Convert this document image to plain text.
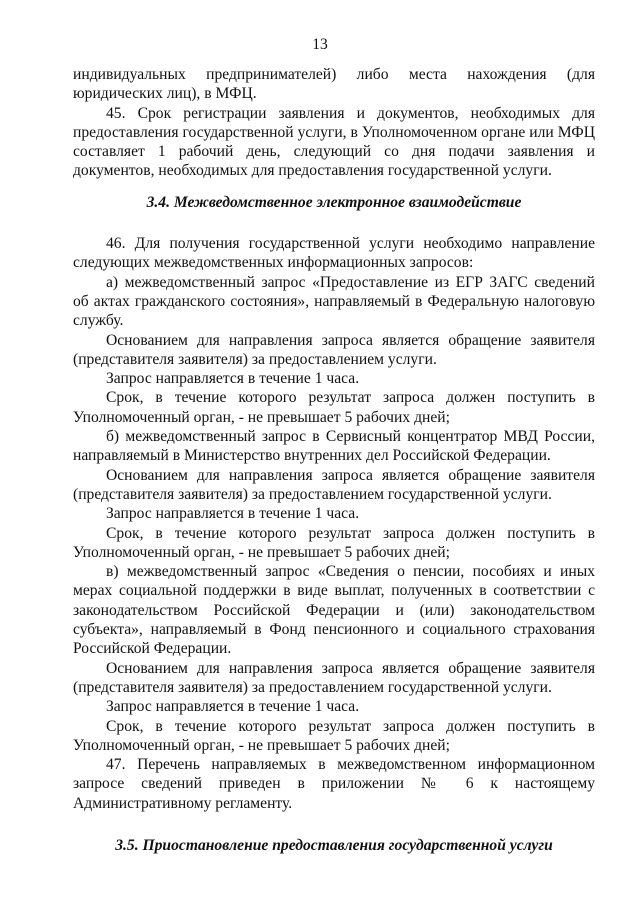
13

индивидуальных предпринимателей) либо места нахождения (для юридических лиц), в МФЦ.

45. Срок регистрации заявления и документов, необходимых для предоставления государственной услуги, в Уполномоченном органе или МФЦ составляет 1 рабочий день, следующий со дня подачи заявления и документов, необходимых для предоставления государственной услуги.

3.4. Межведомственное электронное взаимодействие

46. Для получения государственной услуги необходимо направление следующих межведомственных информационных запросов:

а) межведомственный запрос «Предоставление из ЕГР ЗАГС сведений об актах гражданского состояния», направляемый в Федеральную налоговую службу.

Основанием для направления запроса является обращение заявителя (представителя заявителя) за предоставлением услуги.

Запрос направляется в течение 1 часа.

Срок, в течение которого результат запроса должен поступить в Уполномоченный орган, - не превышает 5 рабочих дней;

б) межведомственный запрос в Сервисный концентратор МВД России, направляемый в Министерство внутренних дел Российской Федерации.

Основанием для направления запроса является обращение заявителя (представителя заявителя) за предоставлением государственной услуги.

Запрос направляется в течение 1 часа.

Срок, в течение которого результат запроса должен поступить в Уполномоченный орган, - не превышает 5 рабочих дней;

в) межведомственный запрос «Сведения о пенсии, пособиях и иных мерах социальной поддержки в виде выплат, полученных в соответствии с законодательством Российской Федерации и (или) законодательством субъекта», направляемый в Фонд пенсионного и социального страхования Российской Федерации.

Основанием для направления запроса является обращение заявителя (представителя заявителя) за предоставлением государственной услуги.

Запрос направляется в течение 1 часа.

Срок, в течение которого результат запроса должен поступить в Уполномоченный орган, - не превышает 5 рабочих дней;

47. Перечень направляемых в межведомственном информационном запросе сведений приведен в приложении № 6 к настоящему Административному регламенту.

3.5. Приостановление предоставления государственной услуги
